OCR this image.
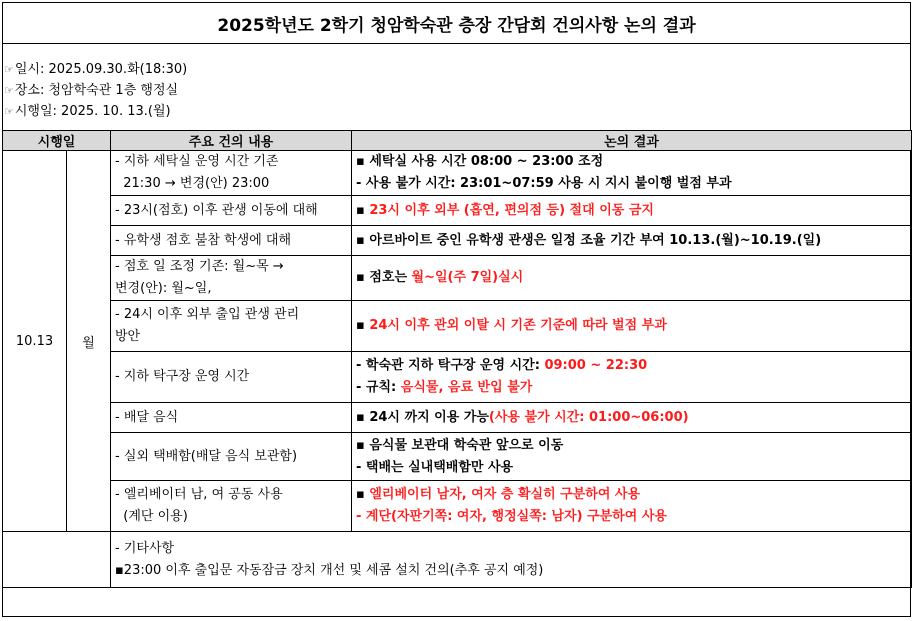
2025학년도 2학기 청암학숙관 층장 간담회 건의사항 논의 결과
☞일시: 2025.09.30.화(18:30)
☞장소: 청암학숙관 1층 행정실
☞시행일: 2025. 10. 13.(월)
시행일		주요 건의 내용	논의 결과
10.13	월	- 지하 세탁실 운영 시간 기존
21:30 → 변경(안) 23:00	▪ 세탁실 사용 시간 08:00 ~ 23:00 조정
- 사용 불가 시간: 23:01~07:59 사용 시 지시 불이행 벌점 부과

		- 23시(점호) 이후 관생 이동에 대해	▪ 23시 이후 외부 (흡연, 편의점 등) 절대 이동 금지

		- 유학생 점호 불참 학생에 대해	▪ 아르바이트 중인 유학생 관생은 일정 조율 기간 부여 10.13.(월)~10.19.(일)

		- 점호 일 조정 기존: 월~목 →
변경(안): 월~일,	▪ 점호는 월~일(주 7일)실시

		- 24시 이후 외부 출입 관생 관리
방안	▪ 24시 이후 관외 이탈 시 기존 기준에 따라 벌점 부과

		- 지하 탁구장 운영 시간	- 학숙관 지하 탁구장 운영 시간: 09:00 ~ 22:30
- 규칙: 음식물, 음료 반입 불가

		- 배달 음식	▪ 24시 까지 이용 가능(사용 불가 시간: 01:00~06:00)

		- 실외 택배함(배달 음식 보관함)	▪ 음식물 보관대 학숙관 앞으로 이동
- 택배는 실내택배함만 사용

		- 엘리베이터 남, 여 공동 사용
(계단 이용)	▪ 엘리베이터 남자, 여자 층 확실히 구분하여 사용
- 계단(자판기쪽: 여자, 행정실쪽: 남자) 구분하여 사용

		- 기타사항
▪23:00 이후 출입문 자동잠금 장치 개선 및 세콤 설치 건의(추후 공지 예정)	
